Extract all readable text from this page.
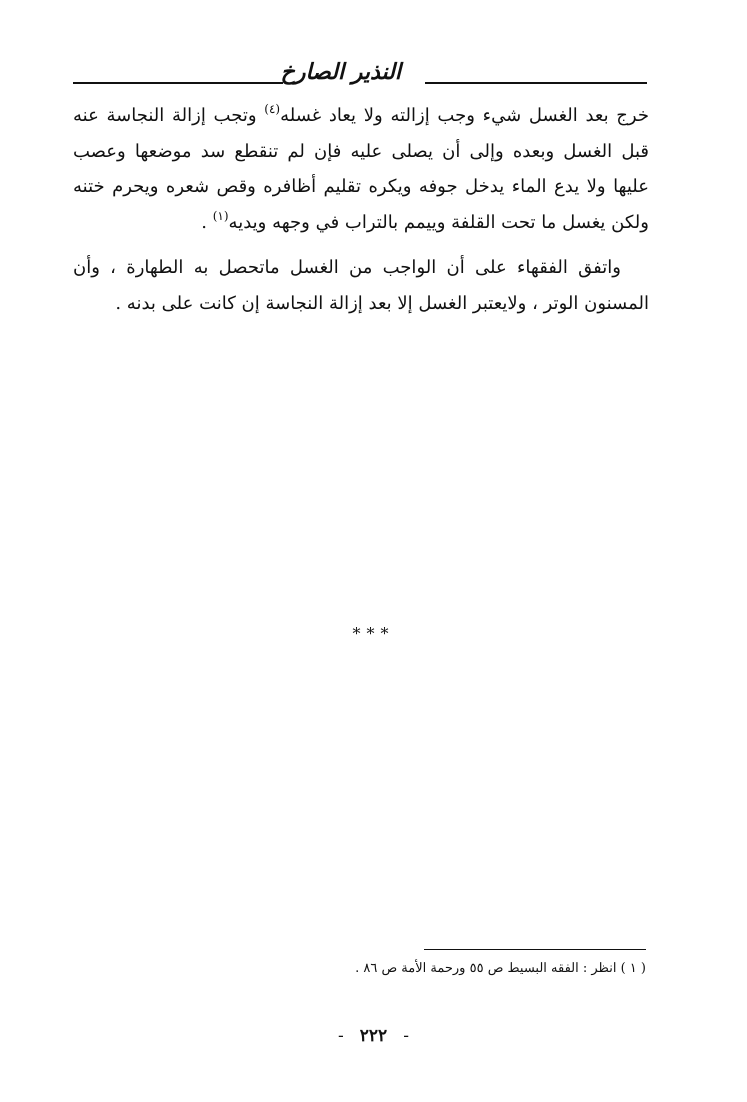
النذير الصارخ

خرج بعد الغسل شيء وجب إزالته ولا يعاد غسله$^{(٤)}$ وتجب إزالة النجاسة عنه قبل الغسل وبعده وإلى أن يصلى عليه فإن لم تنقطع سد موضعها وعصب عليها ولا يدع الماء يدخل جوفه ويكره تقليم أظافره وقص شعره ويحرم ختنه ولكن يغسل ما تحت القلفة وييمم بالتراب في وجهه ويديه$^{(١)}$ .

واتفق الفقهاء على أن الواجب من الغسل ماتحصل به الطهارة ، وأن المسنون الوتر ، ولايعتبر الغسل إلا بعد إزالة النجاسة إن كانت على بدنه .

***
( ١ ) انظر : الفقه البسيط ص ٥٥ ورحمة الأمة ص ٨٦ .
- ٢٢٢ -
